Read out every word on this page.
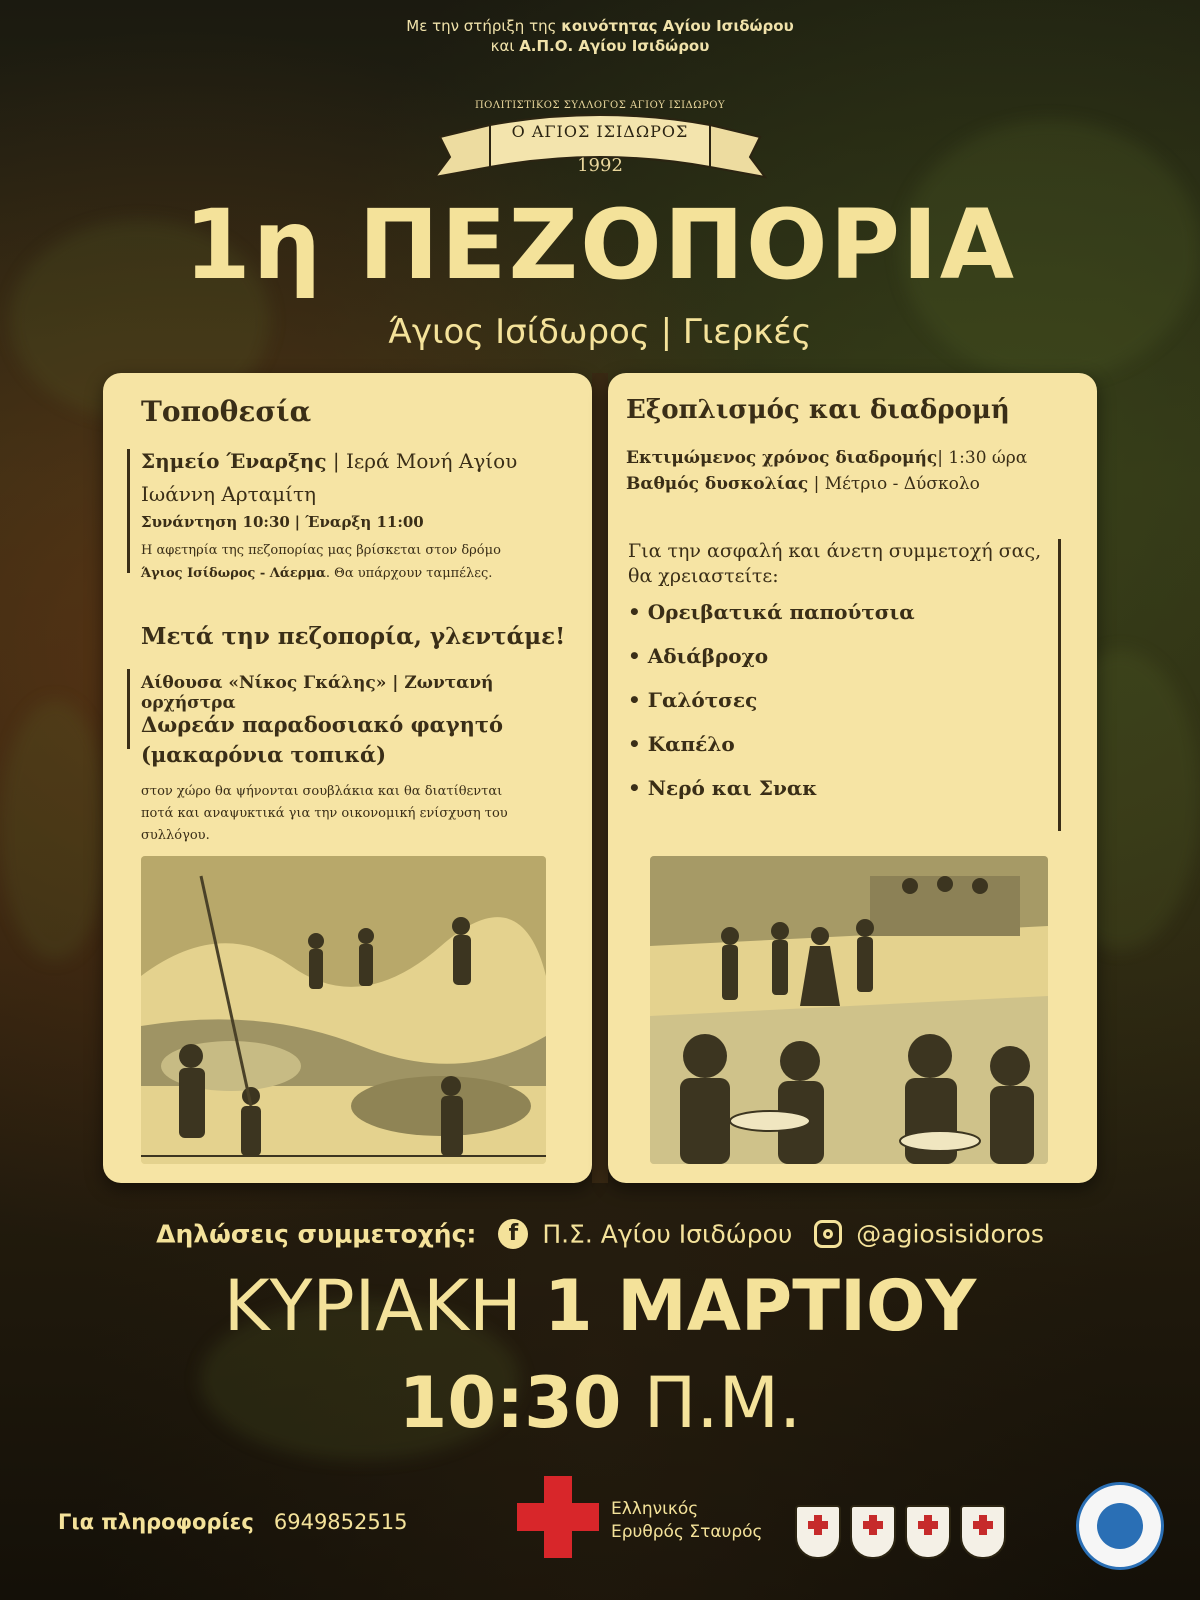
Με την στήριξη της κοινότητας Αγίου Ισιδώρου
και Α.Π.Ο. Αγίου Ισιδώρου
ΠΟΛΙΤΙΣΤΙΚΟΣ ΣΥΛΛΟΓΟΣ ΑΓΙΟΥ ΙΣΙΔΩΡΟΥ
Ο ΑΓΙΟΣ ΙΣΙΔΩΡΟΣ
1992
1η ΠΕΖΟΠΟΡΙΑ
Άγιος Ισίδωρος | Γιερκές
Τοποθεσία
Σημείο Έναρξης | Ιερά Μονή Αγίου
Ιωάννη Αρταμίτη
Συνάντηση 10:30 | Έναρξη 11:00
Η αφετηρία της πεζοπορίας μας βρίσκεται στον δρόμο
Άγιος Ισίδωρος - Λάερμα. Θα υπάρχουν ταμπέλες.
Μετά την πεζοπορία, γλεντάμε!
Αίθουσα «Νίκος Γκάλης» | Ζωντανή ορχήστρα
Δωρεάν παραδοσιακό φαγητό
(μακαρόνια τοπικά)
στον χώρο θα ψήνονται σουβλάκια και θα διατίθενται
ποτά και αναψυκτικά για την οικονομική ενίσχυση του
συλλόγου.
Εξοπλισμός και διαδρομή
Εκτιμώμενος χρόνος διαδρομής| 1:30 ώρα
Βαθμός δυσκολίας | Μέτριο - Δύσκολο
Για την ασφαλή και άνετη συμμετοχή σας,
θα χρειαστείτε:
• Ορειβατικά παπούτσια
• Αδιάβροχο
• Γαλότσες
• Καπέλο
• Νερό και Σνακ
Δηλώσεις συμμετοχής: f Π.Σ. Αγίου Ισιδώρου	@agiosisidoros
ΚΥΡΙΑΚΗ 1 ΜΑΡΤΙΟΥ
10:30 Π.Μ.
Για πληροφορίες 6949852515
Ελληνικός
Ερυθρός Σταυρός
